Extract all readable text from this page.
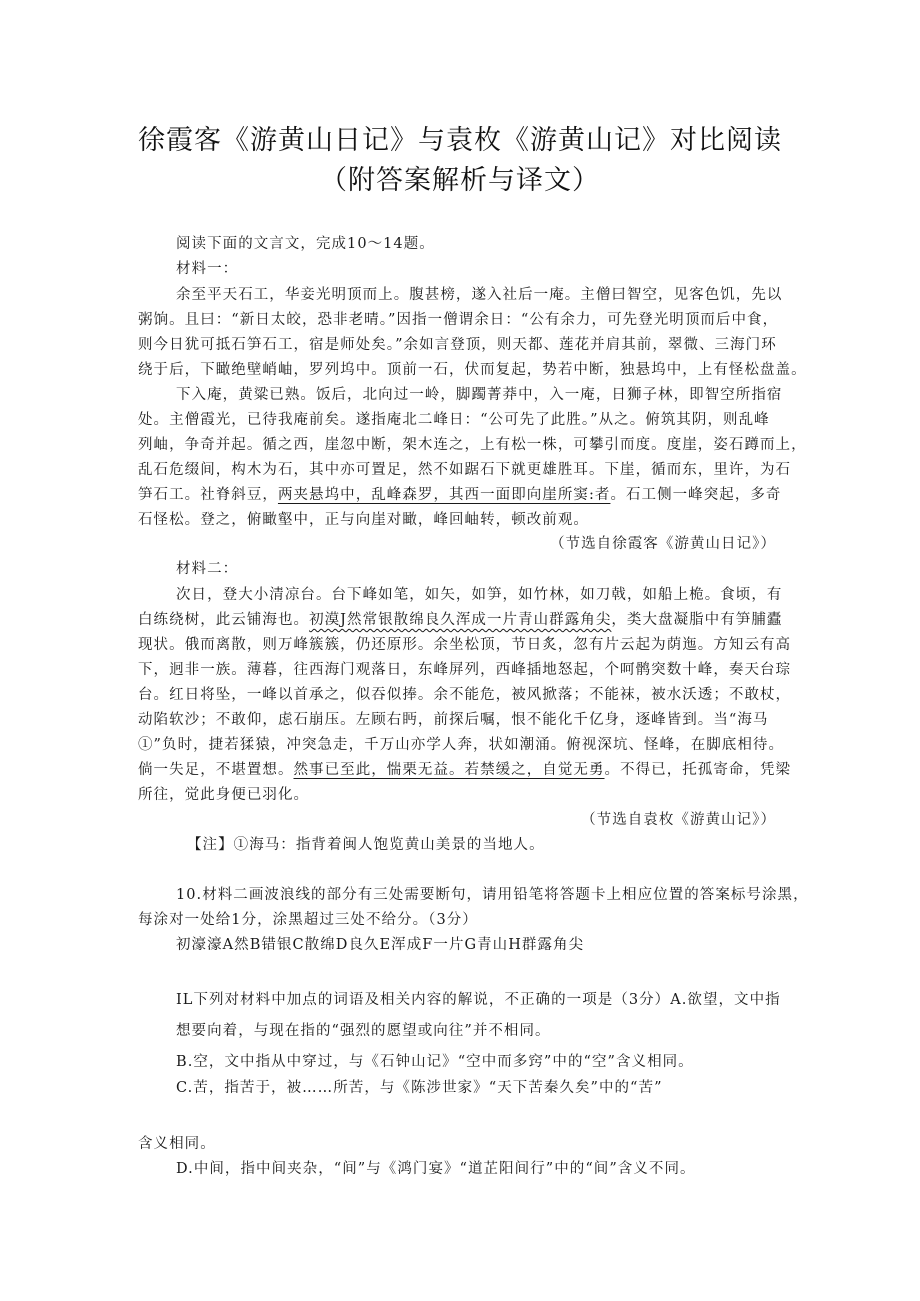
徐霞客《游黄山日记》与袁枚《游黄山记》对比阅读
（附答案解析与译文）
阅读下面的文言文，完成10～14题。
材料一：
余至平天石工，华妾光明顶而上。腹甚榜，遂入社后一庵。主僧曰智空，见客色饥，先以
粥饷。且曰：“新日太皎，恐非老晴。”因指一僧谓余日：“公有余力，可先登光明顶而后中食，
则今日犹可抵石笋石工，宿是师处矣。”余如言登顶，则天都、莲花并肩其前，翠微、三海门环
绕于后，下瞰绝壁峭岫，罗列坞中。顶前一石，伏而复起，势若中断，独悬坞中，上有怪松盘盖。
下入庵，黄粱已熟。饭后，北向过一岭，脚躅菁莽中，入一庵，日狮子林，即智空所指宿
处。主僧霞光，已待我庵前矣。遂指庵北二峰日：“公可先了此胜。”从之。俯筑其阴，则乱峰
列岫，争奇并起。循之西，崖忽中断，架木连之，上有松一株，可攀引而度。度崖，姿石蹲而上，
乱石危缀间，构木为石，其中亦可置足，然不如踞石下就更雄胜耳。下崖，循而东，里许，为石
笋石工。社脊斜豆，两夹悬坞中，乱峰森罗，其西一面即向崖所窦:者。石工侧一峰突起，多奇
石怪松。登之，俯瞰壑中，正与向崖对瞰，峰回岫转，顿改前观。
（节选自徐霞客《游黄山日记》）
材料二：
次日，登大小清凉台。台下峰如笔，如矢，如笋，如竹林，如刀戟，如船上桅。食顷，有
白练绕树，此云铺海也。初漠J然常银散绵良久浑成一片青山群露角尖，类大盘凝脂中有笋脯蠹
现状。俄而离散，则万峰簇簇，仍还原形。余坐松顶，节日炙，忽有片云起为荫迤。方知云有高
下，迥非一族。薄暮，往西海门观落日，东峰屏列，西峰插地怒起，个呵鹘突数十峰，奏天台琮
台。红日将坠，一峰以首承之，似吞似捧。余不能危，被风掀落；不能袜，被水沃透；不敢杖，
动陷软沙；不敢仰，虑石崩压。左顾右眄，前探后嘱，恨不能化千亿身，逐峰皆到。当“海马
①”负时，捷若猱猿，冲突急走，千万山亦学人奔，状如潮涌。俯视深坑、怪峰，在脚底相待。
倘一失足，不堪置想。然事已至此，惴栗无益。若禁缓之，自觉无勇。不得已，托孤寄命，凭梁
所往，觉此身便已羽化。
（节选自袁枚《游黄山记》）
【注】①海马：指背着闽人饱览黄山美景的当地人。
10.材料二画波浪线的部分有三处需要断句，请用铅笔将答题卡上相应位置的答案标号涂黑，
每涂对一处给1分，涂黑超过三处不给分。（3分）
初濠濠A然B错银C散绵D良久E浑成F一片G青山H群露角尖
IL下列对材料中加点的词语及相关内容的解说，不正确的一项是（3分）A.欲望，文中指
想要向着，与现在指的“强烈的愿望或向往”并不相同。
B.空，文中指从中穿过，与《石钟山记》“空中而多窍”中的“空”含义相同。
C.苦，指苦于，被……所苦，与《陈涉世家》“天下苦秦久矣”中的“苦”
含义相同。
D.中间，指中间夹杂，“间”与《鸿门宴》“道芷阳间行”中的“间”含义不同。
